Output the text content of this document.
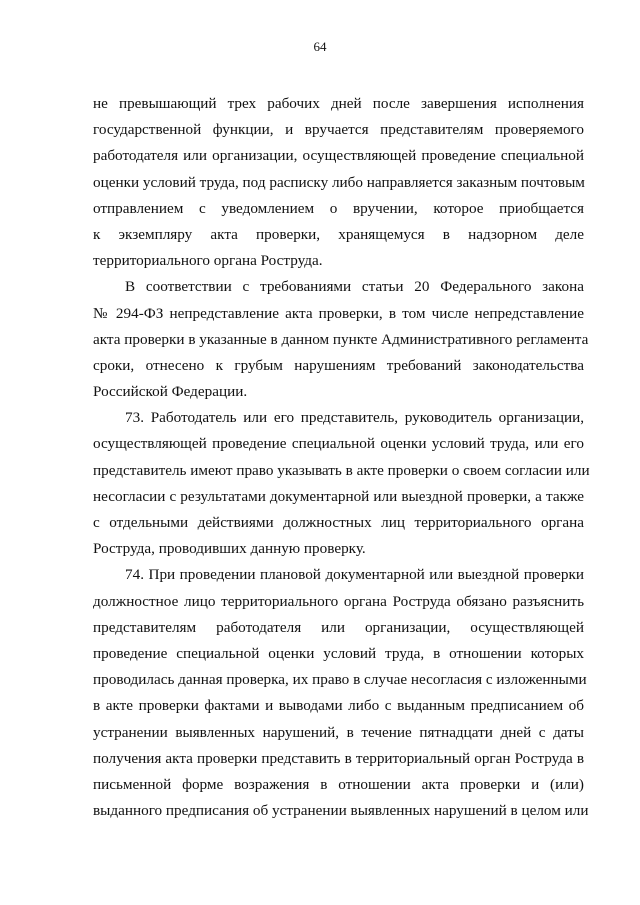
64
не превышающий трех рабочих дней после завершения исполнения
государственной функции, и вручается представителям проверяемого
работодателя или организации, осуществляющей проведение специальной
оценки условий труда, под расписку либо направляется заказным почтовым
отправлением с уведомлением о вручении, которое приобщается
к экземпляру акта проверки, хранящемуся в надзорном деле
территориального органа Роструда.
В соответствии с требованиями статьи 20 Федерального закона
№ 294-ФЗ непредставление акта проверки, в том числе непредставление
акта проверки в указанные в данном пункте Административного регламента
сроки, отнесено к грубым нарушениям требований законодательства
Российской Федерации.
73. Работодатель или его представитель, руководитель организации,
осуществляющей проведение специальной оценки условий труда, или его
представитель имеют право указывать в акте проверки о своем согласии или
несогласии с результатами документарной или выездной проверки, а также
с отдельными действиями должностных лиц территориального органа
Роструда, проводивших данную проверку.
74. При проведении плановой документарной или выездной проверки
должностное лицо территориального органа Роструда обязано разъяснить
представителям работодателя или организации, осуществляющей
проведение специальной оценки условий труда, в отношении которых
проводилась данная проверка, их право в случае несогласия с изложенными
в акте проверки фактами и выводами либо с выданным предписанием об
устранении выявленных нарушений, в течение пятнадцати дней с даты
получения акта проверки представить в территориальный орган Роструда в
письменной форме возражения в отношении акта проверки и (или)
выданного предписания об устранении выявленных нарушений в целом или
